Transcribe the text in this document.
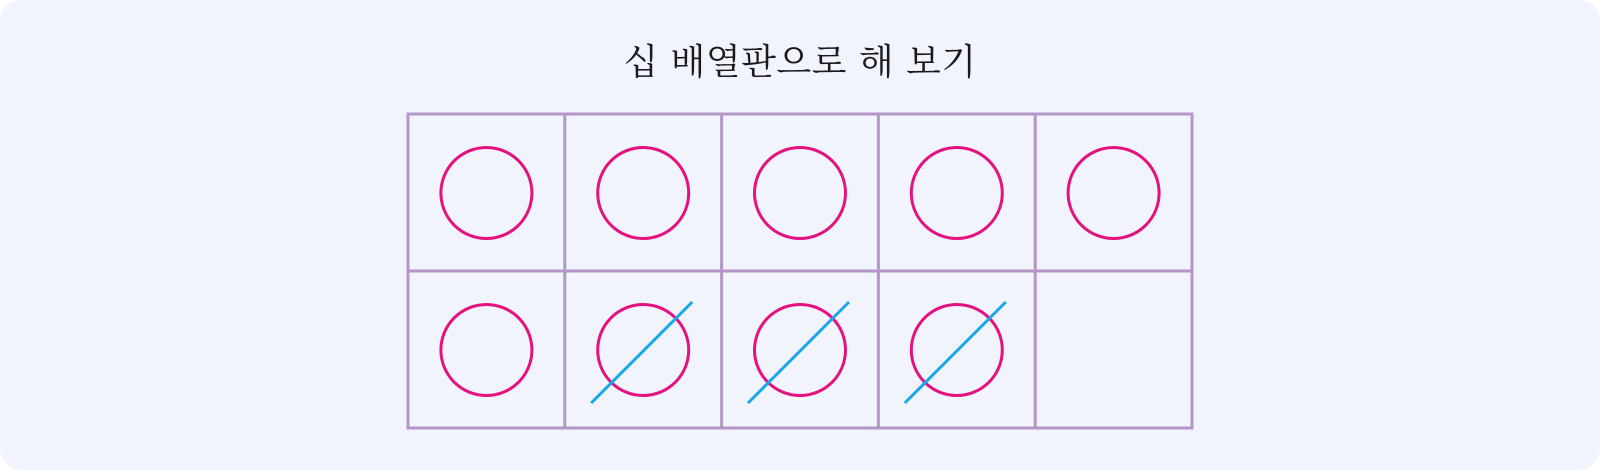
십 배열판으로 해 보기
